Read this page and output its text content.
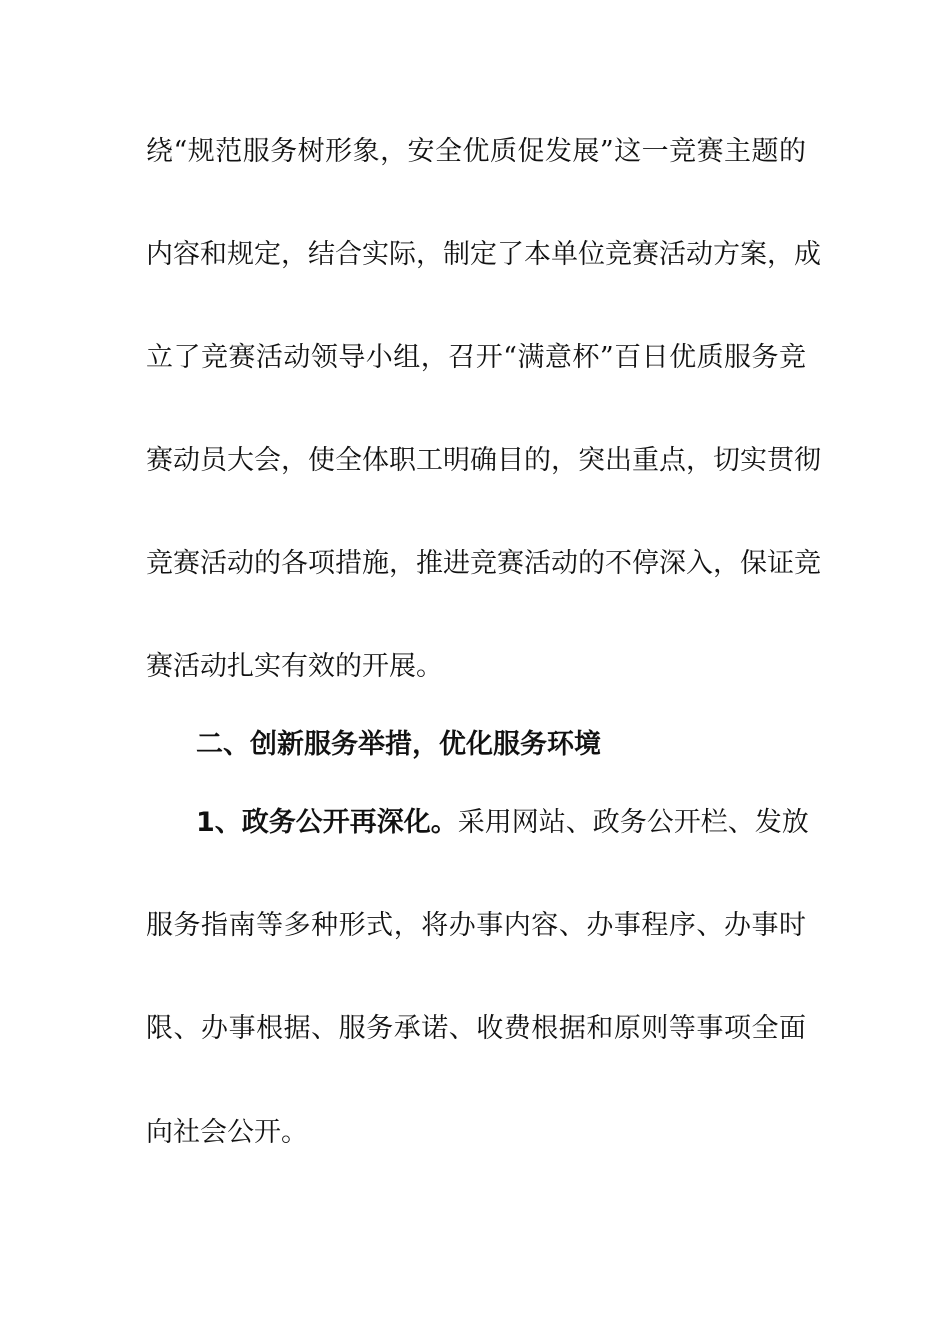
绕“规范服务树形象，安全优质促发展”这一竞赛主题的
内容和规定，结合实际，制定了本单位竞赛活动方案，成
立了竞赛活动领导小组，召开“满意杯”百日优质服务竞
赛动员大会，使全体职工明确目的，突出重点，切实贯彻
竞赛活动的各项措施，推进竞赛活动的不停深入，保证竞
赛活动扎实有效的开展。
二、创新服务举措，优化服务环境
1、政务公开再深化。采用网站、政务公开栏、发放
服务指南等多种形式，将办事内容、办事程序、办事时
限、办事根据、服务承诺、收费根据和原则等事项全面
向社会公开。
